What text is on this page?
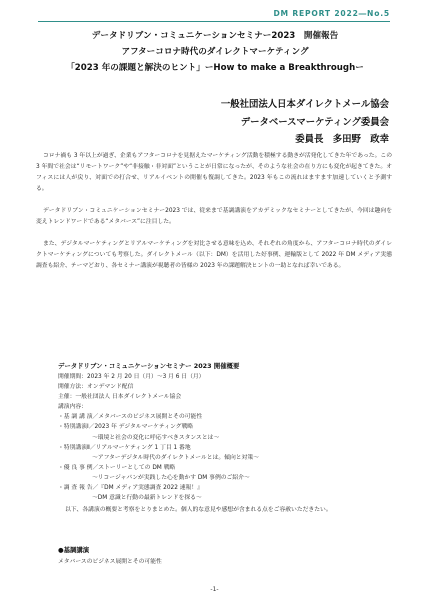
DM REPORT 2022―No.5
データドリブン・コミュニケーションセミナー2023　開催報告
アフターコロナ時代のダイレクトマーケティング
「2023 年の課題と解決のヒント」ーHow to make a Breakthroughー
一般社団法人日本ダイレクトメール協会
データベースマーケティング委員会
委員長　多田野　政幸

コロナ禍も 3 年以上が過ぎ、企業もアフターコロナを見据えたマーケティング活動を積極する動きが活発化してきた年であった。この 3 年間で社会は“リモートワーク”や“非接触・非対面”ということが日常になったが、そのような社会の在り方にも変化が起きてきた。オフィスには人が戻り、対面での打合せ、リアルイベントの開催も復調してきた。2023 年もこの流れはますます加速していくと予測する。

データドリブン・コミュニケーションセミナー2023 では、従来まで基調講演をアカデミックなセミナーとしてきたが、今回は趣向を変えトレンドワードである“メタバース”に注目した。

また、デジタルマーケティングとリアルマーケティングを対比させる意味を込め、それぞれの角度から、アフターコロナ時代のダイレクトマーケティングについても考察した。ダイレクトメール（以下：DM）を活用した好事例、運輸版として 2022 年 DM メディア実態調査も紹介、テーマどおり、各セミナー講演が視聴者の皆様の 2023 年の課題解決ヒントの一助となれば幸いである。

データドリブン・コミュニケーションセミナー 2023 開催概要
開催期間：2023 年 2 月 20 日（月）～3 月 6 日（月）
開催方法：オンデマンド配信
主催：一般社団法人 日本ダイレクトメール協会
講演内容：
・基 調 講 演／メタバースのビジネス展開とその可能性
・特別講演Ⅰ／2023 年 デジタルマーケティング戦略
～環境と社会の変化に呼応すべきスタンスとは～
・特別講演Ⅱ／リアルマーケティング 1 丁目 1 番地
～アフターデジタル時代のダイレクトメールとは。傾向と対策～
・優 良 事 例／ストーリーとしての DM 戦略
～リコージャパンが実践した心を動かす DM 事例のご紹介～
・調 査 報 告／『DM メディア実態調査 2022 速報！』
～DM 意識と行動の最新トレンドを探る～

以下、各講演の概要と考察をとりまとめた。個人的な意見や感想が含まれる点をご容赦いただきたい。

●基調講演
メタバースのビジネス展開とその可能性
-1-
